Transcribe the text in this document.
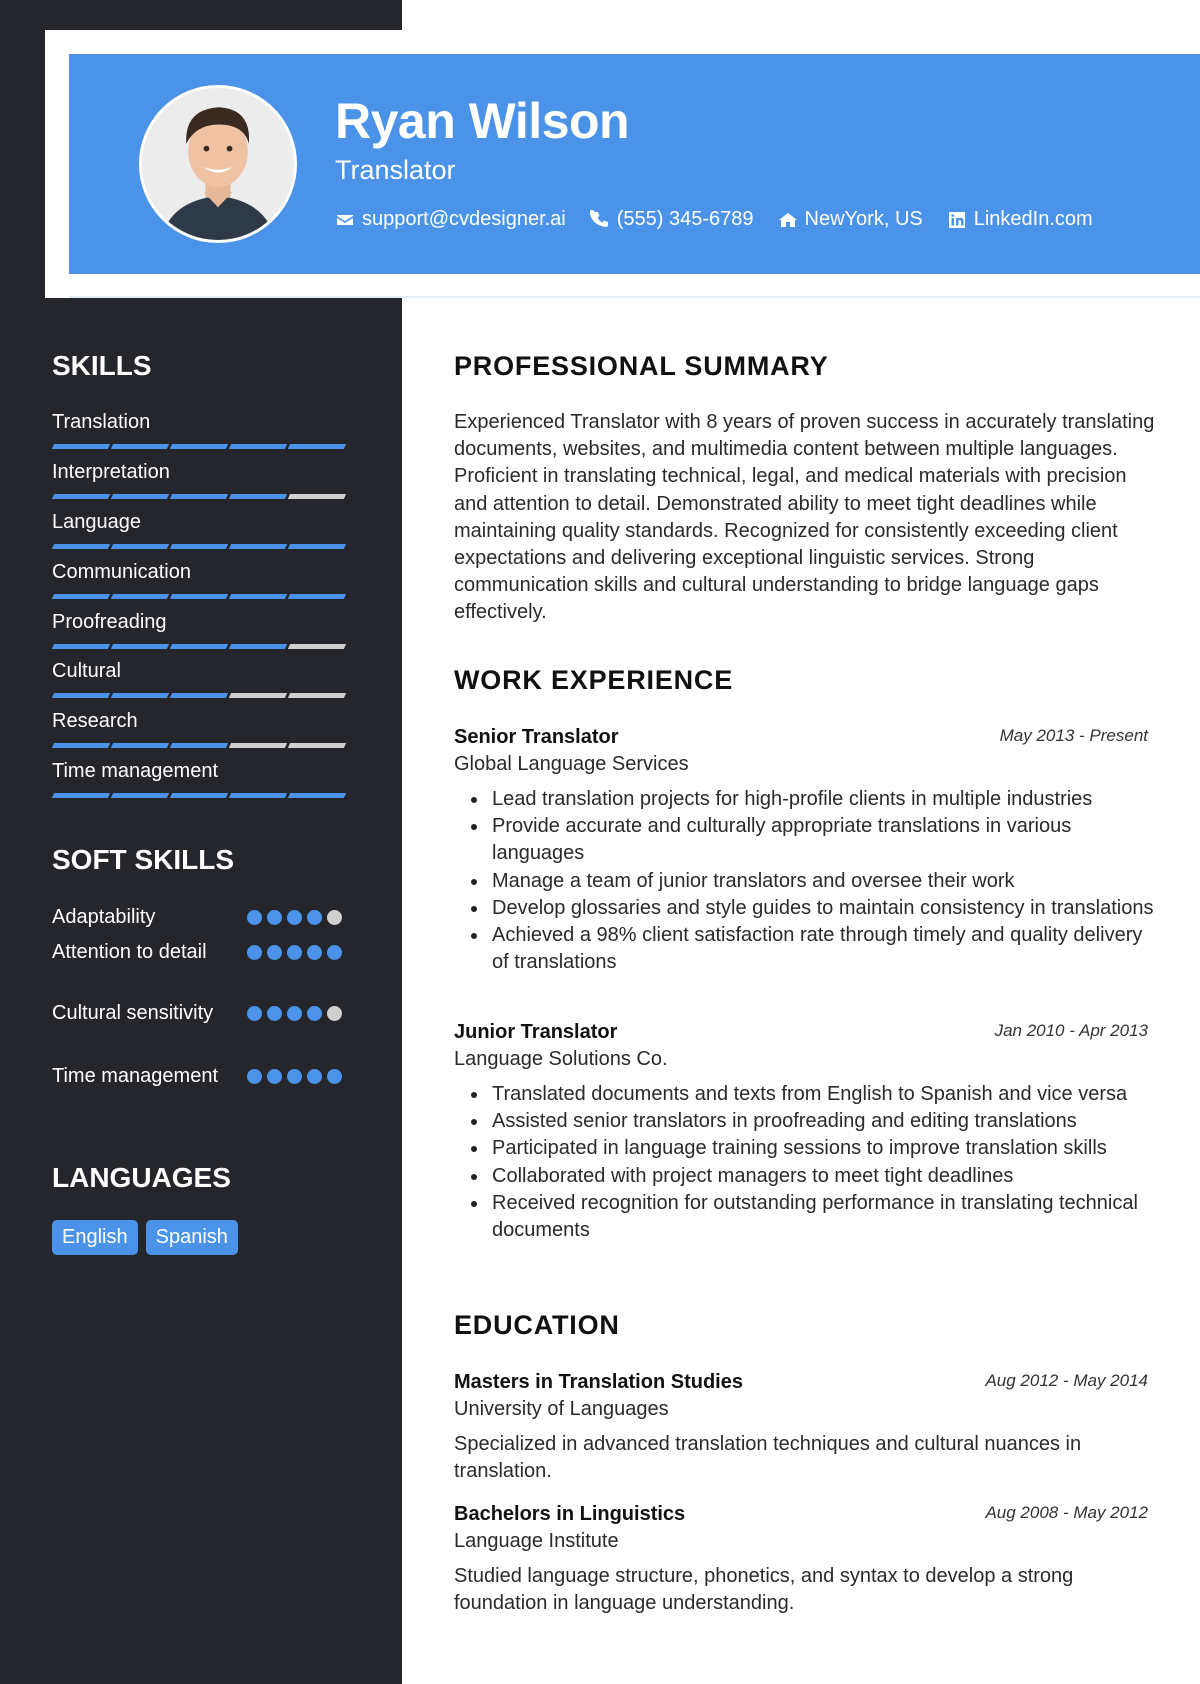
Ryan Wilson
Translator
support@cvdesigner.ai	(555) 345-6789	NewYork, US	LinkedIn.com
SKILLS
Translation
Interpretation
Language
Communication
Proofreading
Cultural
Research
Time management
SOFT SKILLS
Adaptability
Attention to detail
Cultural sensitivity
Time management
LANGUAGES
English	Spanish
PROFESSIONAL SUMMARY
Experienced Translator with 8 years of proven success in accurately translating documents, websites, and multimedia content between multiple languages. Proficient in translating technical, legal, and medical materials with precision and attention to detail. Demonstrated ability to meet tight deadlines while maintaining quality standards. Recognized for consistently exceeding client expectations and delivering exceptional linguistic services. Strong communication skills and cultural understanding to bridge language gaps effectively.
WORK EXPERIENCE
Senior Translator	May 2013 - Present
Global Language Services
Lead translation projects for high-profile clients in multiple industries
Provide accurate and culturally appropriate translations in various languages
Manage a team of junior translators and oversee their work
Develop glossaries and style guides to maintain consistency in translations
Achieved a 98% client satisfaction rate through timely and quality delivery of translations
Junior Translator	Jan 2010 - Apr 2013
Language Solutions Co.
Translated documents and texts from English to Spanish and vice versa
Assisted senior translators in proofreading and editing translations
Participated in language training sessions to improve translation skills
Collaborated with project managers to meet tight deadlines
Received recognition for outstanding performance in translating technical documents
EDUCATION
Masters in Translation Studies	Aug 2012 - May 2014
University of Languages
Specialized in advanced translation techniques and cultural nuances in translation.
Bachelors in Linguistics	Aug 2008 - May 2012
Language Institute
Studied language structure, phonetics, and syntax to develop a strong foundation in language understanding.
